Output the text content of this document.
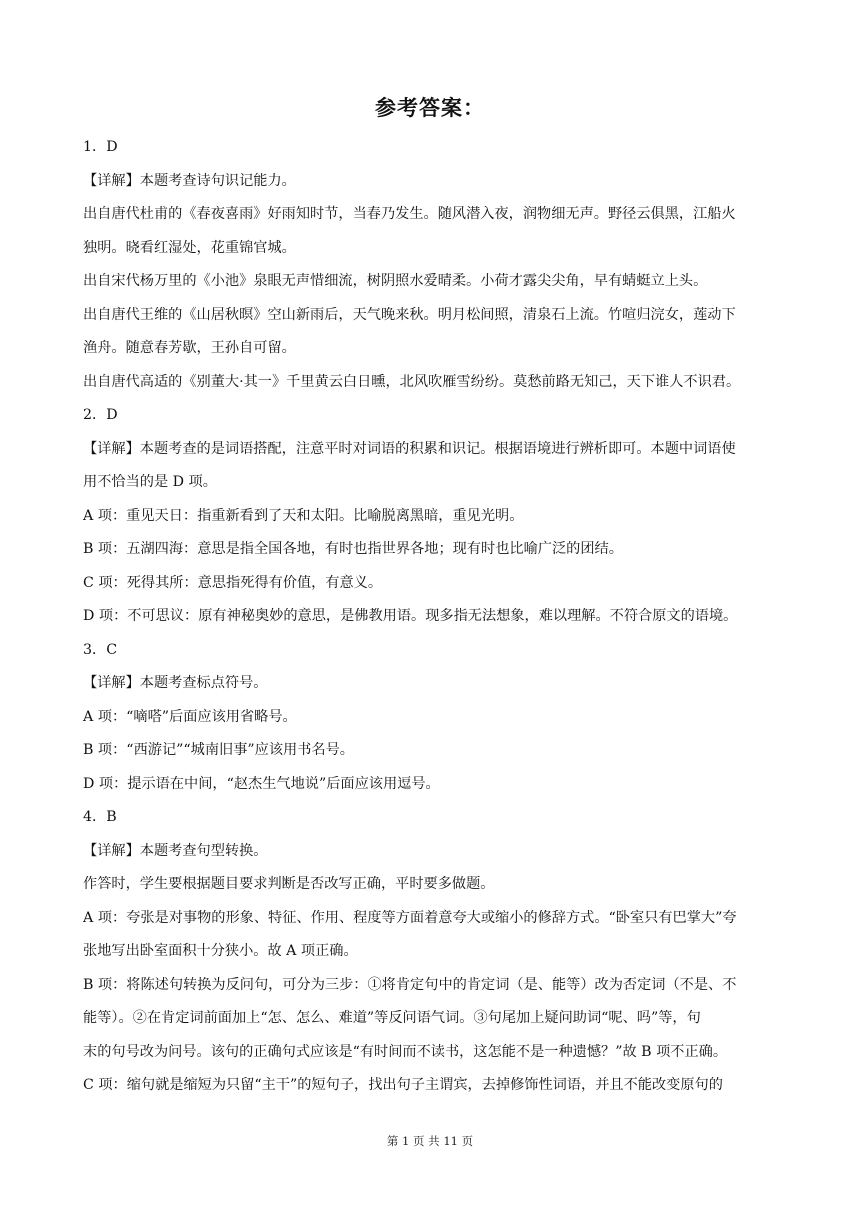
参考答案：
1．D
【详解】本题考查诗句识记能力。
出自唐代杜甫的《春夜喜雨》好雨知时节，当春乃发生。随风潜入夜，润物细无声。野径云俱黑，江船火
独明。晓看红湿处，花重锦官城。
出自宋代杨万里的《小池》泉眼无声惜细流，树阴照水爱晴柔。小荷才露尖尖角，早有蜻蜓立上头。
出自唐代王维的《山居秋暝》空山新雨后，天气晚来秋。明月松间照，清泉石上流。竹喧归浣女，莲动下
渔舟。随意春芳歇，王孙自可留。
出自唐代高适的《别董大·其一》千里黄云白日曛，北风吹雁雪纷纷。莫愁前路无知己，天下谁人不识君。
2．D
【详解】本题考查的是词语搭配，注意平时对词语的积累和识记。根据语境进行辨析即可。本题中词语使
用不恰当的是 D 项。
A 项：重见天日：指重新看到了天和太阳。比喻脱离黑暗，重见光明。
B 项：五湖四海：意思是指全国各地，有时也指世界各地；现有时也比喻广泛的团结。
C 项：死得其所：意思指死得有价值，有意义。
D 项：不可思议：原有神秘奥妙的意思，是佛教用语。现多指无法想象，难以理解。不符合原文的语境。
3．C
【详解】本题考查标点符号。
A 项：“嘀嗒”后面应该用省略号。
B 项：“西游记”“城南旧事”应该用书名号。
D 项：提示语在中间，“赵杰生气地说”后面应该用逗号。
4．B
【详解】本题考查句型转换。
作答时，学生要根据题目要求判断是否改写正确，平时要多做题。
A 项：夸张是对事物的形象、特征、作用、程度等方面着意夸大或缩小的修辞方式。“卧室只有巴掌大”夸
张地写出卧室面积十分狭小。故 A 项正确。
B 项：将陈述句转换为反问句，可分为三步：①将肯定句中的肯定词（是、能等）改为否定词（不是、不
能等）。②在肯定词前面加上“怎、怎么、难道”等反问语气词。③句尾加上疑问助词“呢、吗”等，句
末的句号改为问号。该句的正确句式应该是“有时间而不读书，这怎能不是一种遗憾？”故 B 项不正确。
C 项：缩句就是缩短为只留“主干”的短句子，找出句子主谓宾，去掉修饰性词语，并且不能改变原句的
第 1 页 共 11 页
